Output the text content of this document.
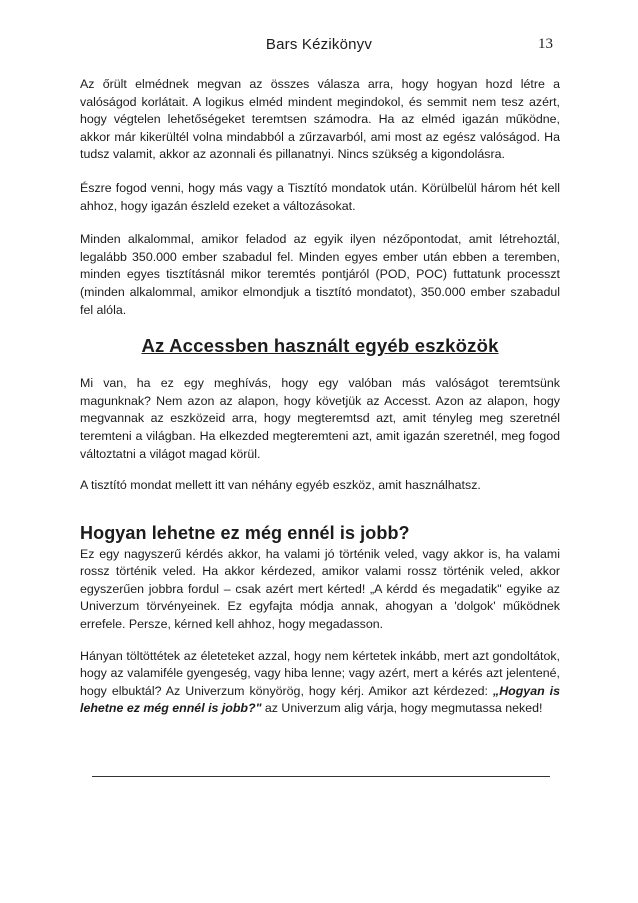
Bars Kézikönyv	13

Az őrült elmédnek megvan az összes válasza arra, hogy hogyan hozd létre a valóságod korlátait. A logikus elméd mindent megindokol, és semmit nem tesz azért, hogy végtelen lehetőségeket teremtsen számodra. Ha az elméd igazán működne, akkor már kikerültél volna mindabból a zűrzavarból, ami most az egész valóságod. Ha tudsz valamit, akkor az azonnali és pillanatnyi. Nincs szükség a kigondolásra.

Észre fogod venni, hogy más vagy a Tisztító mondatok után. Körülbelül három hét kell ahhoz, hogy igazán észleld ezeket a változásokat.

Minden alkalommal, amikor feladod az egyik ilyen nézőpontodat, amit létrehoztál, legalább 350.000 ember szabadul fel. Minden egyes ember után ebben a teremben, minden egyes tisztításnál mikor teremtés pontjáról (POD, POC) futtatunk processzt (minden alkalommal, amikor elmondjuk a tisztító mondatot), 350.000 ember szabadul fel alóla.

Az Accessben használt egyéb eszközök

Mi van, ha ez egy meghívás, hogy egy valóban más valóságot teremtsünk magunknak? Nem azon az alapon, hogy követjük az Accesst. Azon az alapon, hogy megvannak az eszközeid arra, hogy megteremtsd azt, amit tényleg meg szeretnél teremteni a világban. Ha elkezded megteremteni azt, amit igazán szeretnél, meg fogod változtatni a világot magad körül.

A tisztító mondat mellett itt van néhány egyéb eszköz, amit használhatsz.

Hogyan lehetne ez még ennél is jobb?

Ez egy nagyszerű kérdés akkor, ha valami jó történik veled, vagy akkor is, ha valami rossz történik veled. Ha akkor kérdezed, amikor valami rossz történik veled, akkor egyszerűen jobbra fordul – csak azért mert kérted! „A kérdd és megadatik" egyike az Univerzum törvényeinek. Ez egyfajta módja annak, ahogyan a 'dolgok' működnek errefele. Persze, kérned kell ahhoz, hogy megadasson.

Hányan töltöttétek az életeteket azzal, hogy nem kértetek inkább, mert azt gondoltátok, hogy az valamiféle gyengeség, vagy hiba lenne; vagy azért, mert a kérés azt jelentené, hogy elbuktál? Az Univerzum könyörög, hogy kérj. Amikor azt kérdezed: „Hogyan is lehetne ez még ennél is jobb?" az Univerzum alig várja, hogy megmutassa neked!
